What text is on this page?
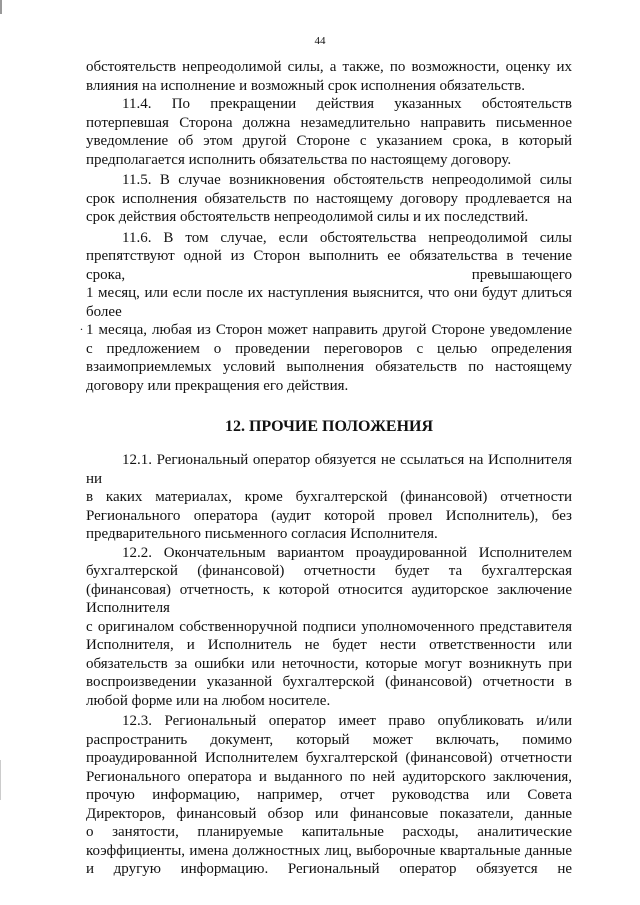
44
.
обстоятельств непреодолимой силы, а также, по возможности, оценку их
влияния на исполнение и возможный срок исполнения обязательств.
11.4. По прекращении действия указанных обстоятельств
потерпевшая Сторона должна незамедлительно направить письменное
уведомление об этом другой Стороне с указанием срока, в который
предполагается исполнить обязательства по настоящему договору.
11.5. В случае возникновения обстоятельств непреодолимой силы
срок исполнения обязательств по настоящему договору продлевается на
срок действия обстоятельств непреодолимой силы и их последствий.
11.6. В том случае, если обстоятельства непреодолимой силы
препятствуют одной из Сторон выполнить ее обязательства в течение
срока,                                                превышающего
1 месяц, или если после их наступления выяснится, что они будут длиться
более
1 месяца, любая из Сторон может направить другой Стороне уведомление
с предложением о проведении переговоров с целью определения
взаимоприемлемых условий выполнения обязательств по настоящему
договору или прекращения его действия.
12. ПРОЧИЕ ПОЛОЖЕНИЯ
12.1. Региональный оператор обязуется не ссылаться на Исполнителя
ни
в каких материалах, кроме бухгалтерской (финансовой) отчетности
Регионального оператора (аудит которой провел Исполнитель), без
предварительного письменного согласия Исполнителя.
12.2. Окончательным вариантом проаудированной Исполнителем
бухгалтерской (финансовой) отчетности будет та бухгалтерская
(финансовая) отчетность, к которой относится аудиторское заключение
Исполнителя
с оригиналом собственноручной подписи уполномоченного представителя
Исполнителя, и Исполнитель не будет нести ответственности или
обязательств за ошибки или неточности, которые могут возникнуть при
воспроизведении указанной бухгалтерской (финансовой) отчетности в
любой форме или на любом носителе.
12.3. Региональный оператор имеет право опубликовать и/или
распространить документ, который может включать, помимо
проаудированной Исполнителем бухгалтерской (финансовой) отчетности
Регионального оператора и выданного по ней аудиторского заключения,
прочую информацию, например, отчет руководства или Совета
Директоров, финансовый обзор или финансовые показатели, данные
о занятости, планируемые капитальные расходы, аналитические
коэффициенты, имена должностных лиц, выборочные квартальные данные
и другую информацию. Региональный оператор обязуется не
